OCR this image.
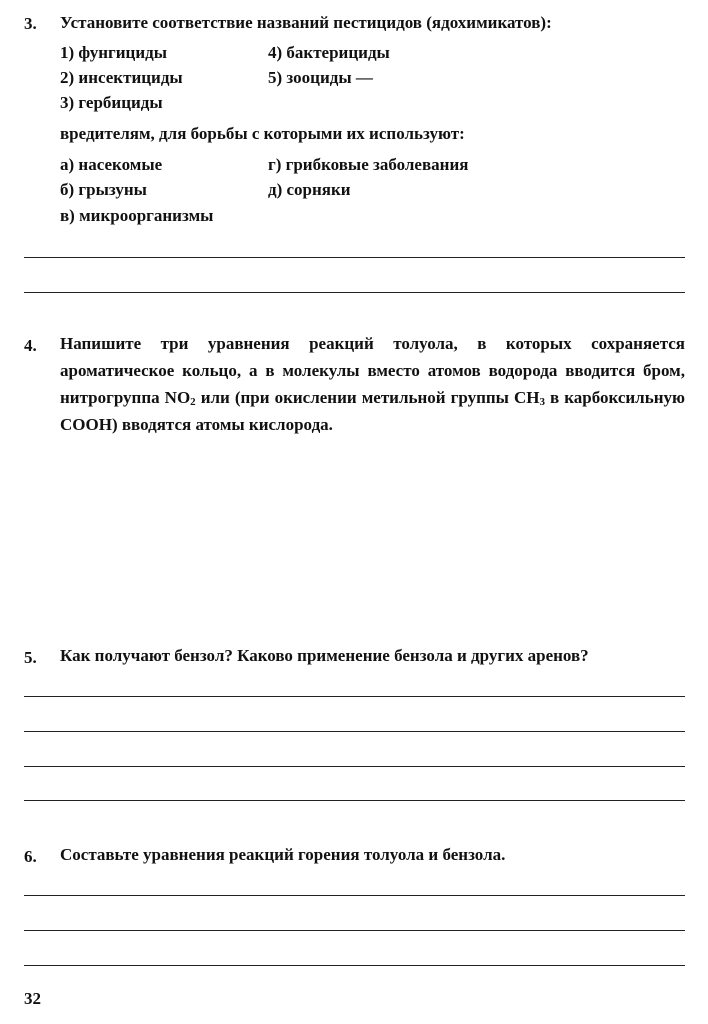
3. Установите соответствие названий пестицидов (ядохимикатов):
1) фунгициды	4) бактерициды
2) инсектициды	5) зооциды —
3) гербициды
вредителям, для борьбы с которыми их используют:
а) насекомые	г) грибковые заболевания
б) грызуны	д) сорняки
в) микроорганизмы
4. Напишите три уравнения реакций толуола, в которых сохраняется ароматическое кольцо, а в молекулы вместо атомов водорода вводится бром, нитрогруппа $NO_2$ или (при окислении метильной группы $CH_3$ в карбоксильную COOH) вводятся атомы кислорода.
5. Как получают бензол? Каково применение бензола и других аренов?
6. Составьте уравнения реакций горения толуола и бензола.
32
